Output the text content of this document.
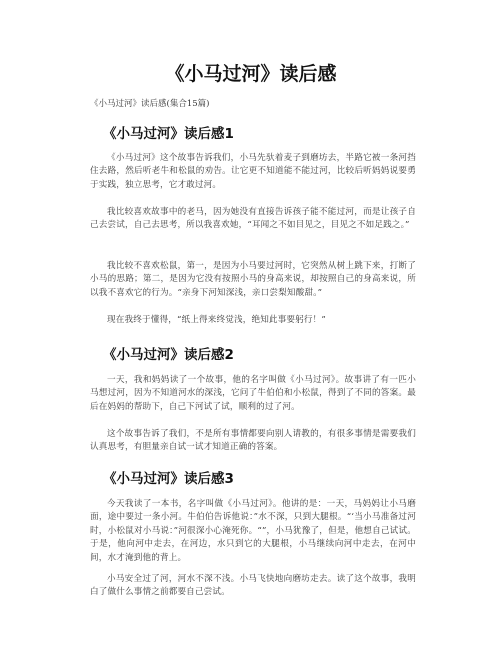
《小马过河》读后感

《小马过河》读后感(集合15篇)

《小马过河》读后感1

《小马过河》这个故事告诉我们，小马先驮着麦子到磨坊去，半路它被一条河挡住去路，然后听老牛和松鼠的劝告。让它更不知道能不能过河，比较后听妈妈说要勇于实践，独立思考，它才敢过河。

我比较喜欢故事中的老马，因为她没有直接告诉孩子能不能过河，而是让孩子自己去尝试，自己去思考，所以我喜欢她，“耳闻之不如目见之，目见之不如足践之。”

我比较不喜欢松鼠，第一，是因为小马要过河时，它突然从树上跳下来，打断了小马的思路；第二，是因为它没有按照小马的身高来说，却按照自己的身高来说，所以我不喜欢它的行为。“亲身下河知深浅，亲口尝梨知酸甜。”

现在我终于懂得，“纸上得来终觉浅，绝知此事要躬行！”

《小马过河》读后感2

一天，我和妈妈读了一个故事，他的名字叫做《小马过河》。故事讲了有一匹小马想过河，因为不知道河水的深浅，它问了牛伯伯和小松鼠，得到了不同的答案。最后在妈妈的帮助下，自己下河试了试，顺利的过了河。

这个故事告诉了我们，不是所有事情都要向别人请教的，有很多事情是需要我们认真思考，有胆量亲自试一试才知道正确的答案。

《小马过河》读后感3

今天我读了一本书，名字叫做《小马过河》。他讲的是：一天，马妈妈让小马磨面，途中要过一条小河。牛伯伯告诉他说：”水不深，只到大腿根。“‘当小马准备过河时，小松鼠对小马说：”河很深小心淹死你。“”，小马犹豫了，但是，他想自己试试。于是，他向河中走去，在河边，水只到它的大腿根，小马继续向河中走去，在河中间，水才淹到他的背上。

小马安全过了河，河水不深不浅。小马飞快地向磨坊走去。读了这个故事，我明白了做什么事情之前都要自己尝试。
